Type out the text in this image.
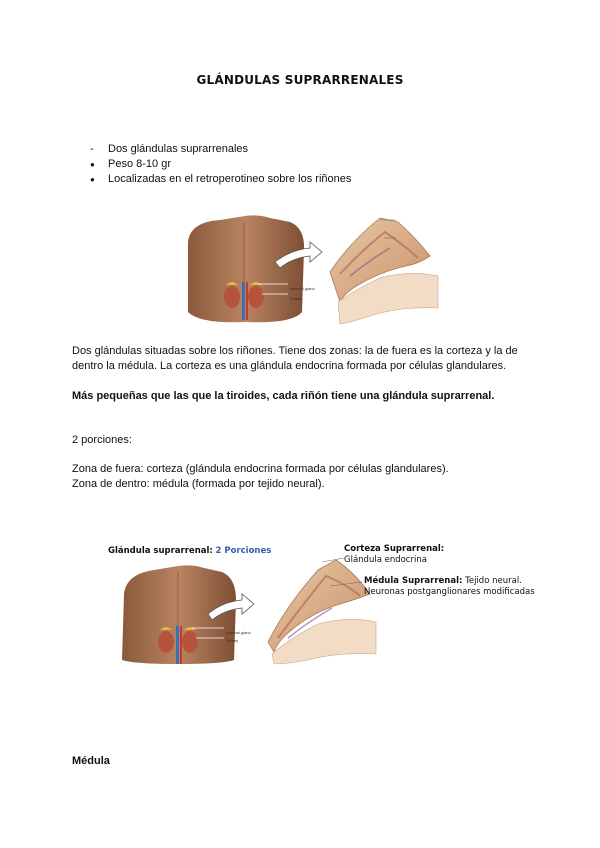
GLÁNDULAS SUPRARRENALES
-	Dos glándulas suprarrenales
●	Peso 8-10 gr
●	Localizadas en el retroperotineo sobre los riñones
Adrenal gland
Kidney
Dos glándulas situadas sobre los riñones. Tiene dos zonas: la de fuera es la corteza y la de dentro la médula. La corteza es una glándula endocrina formada por células glandulares.
Más pequeñas que las que la tiroides, cada riñón tiene una glándula suprarrenal.
2 porciones:
Zona de fuera: corteza (glándula endocrina formada por células glandulares).
Zona de dentro: médula (formada por tejido neural).
Glándula suprarrenal: 2 Porciones
Adrenal gland
Kidney
Corteza Suprarrenal:
Glándula endocrina
Médula Suprarrenal: Tejido neural.
Neuronas postganglionares modificadas
Médula
